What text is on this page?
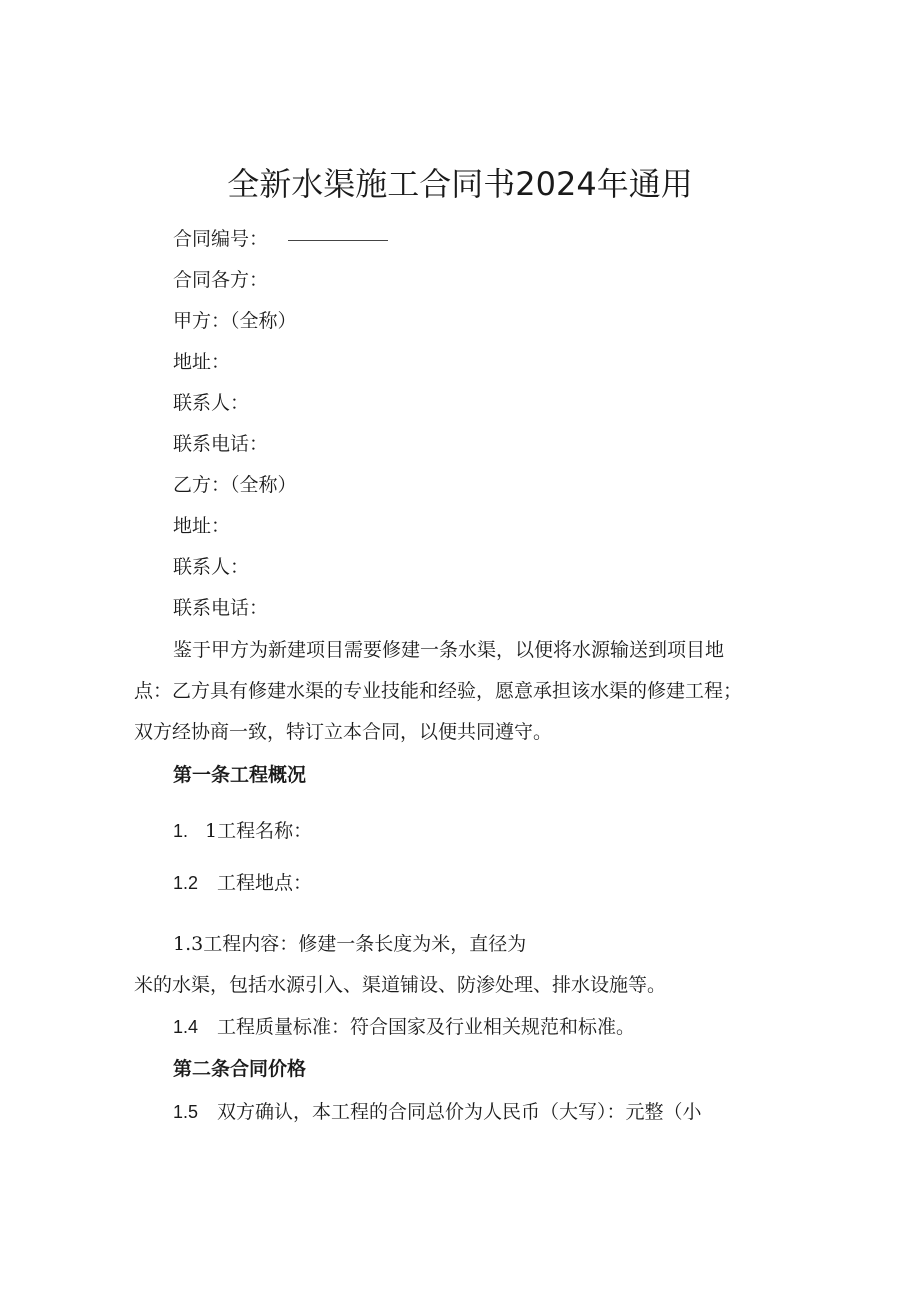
全新水渠施工合同书2024年通用
合同编号：
合同各方：
甲方：（全称）
地址：
联系人：
联系电话：
乙方：（全称）
地址：
联系人：
联系电话：
鉴于甲方为新建项目需要修建一条水渠，以便将水源输送到项目地
点：乙方具有修建水渠的专业技能和经验，愿意承担该水渠的修建工程；
双方经协商一致，特订立本合同，以便共同遵守。
第一条工程概况
1. 1工程名称：
1.2 工程地点：
1.3工程内容：修建一条长度为米，直径为
米的水渠，包括水源引入、渠道铺设、防渗处理、排水设施等。
1.4 工程质量标准：符合国家及行业相关规范和标准。
第二条合同价格
1.5 双方确认，本工程的合同总价为人民币（大写）：元整（小
